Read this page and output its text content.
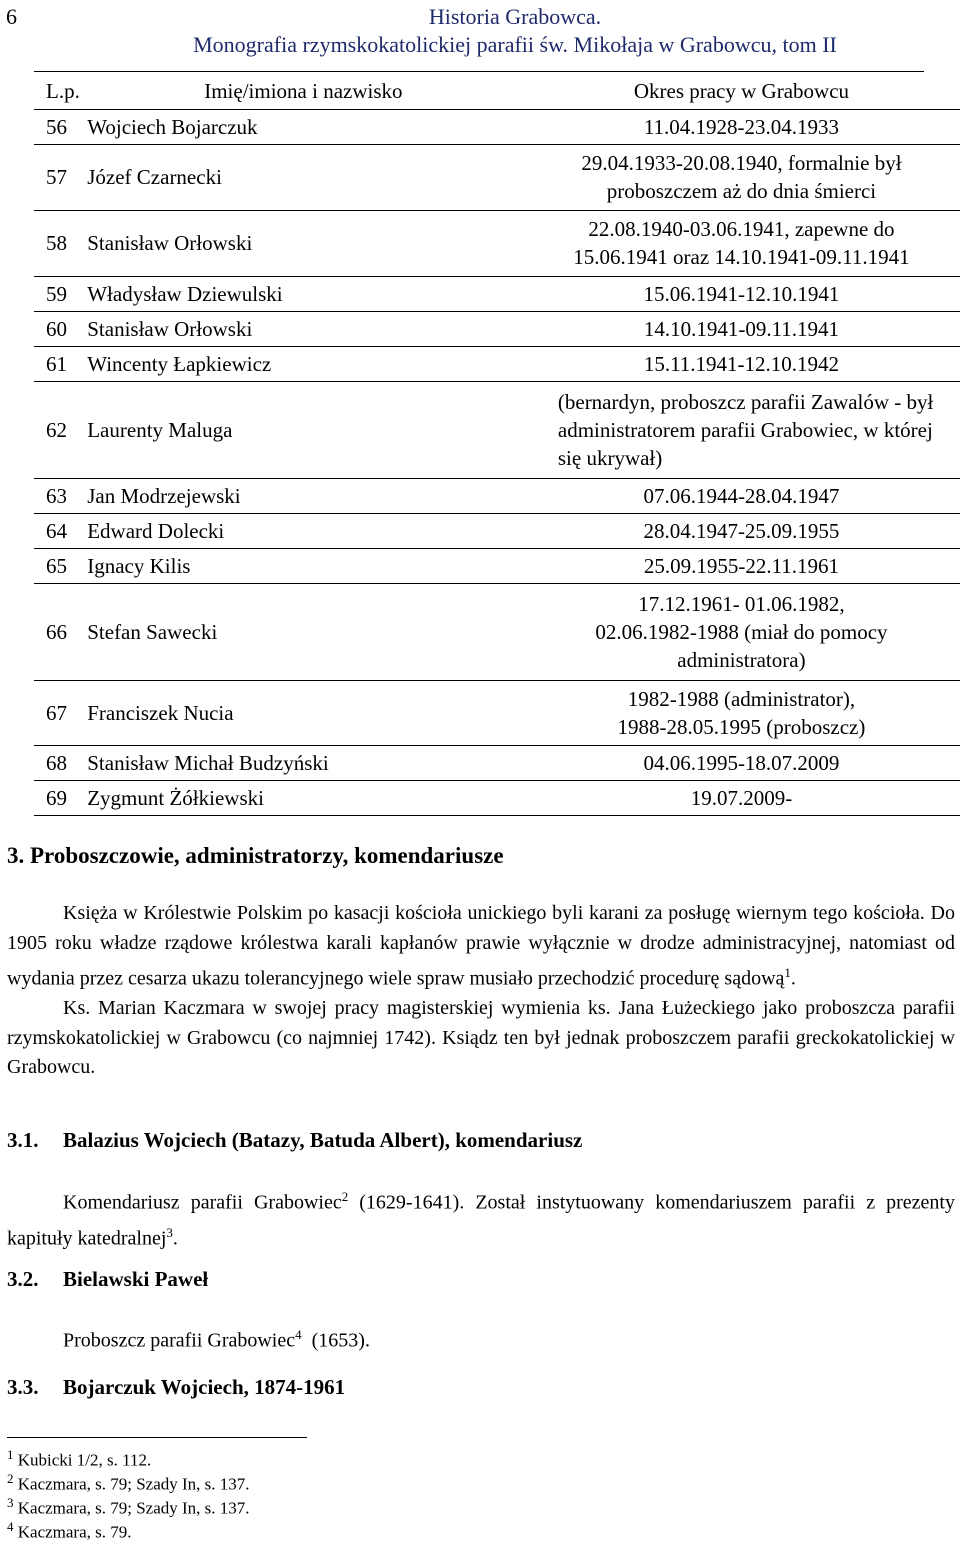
6	Historia Grabowca.
Monografia rzymskokatolickiej parafii św. Mikołaja w Grabowcu, tom II
L.p.	Imię/imiona i nazwisko	Okres pracy w Grabowcu
56	Wojciech Bojarczuk	11.04.1928-23.04.1933
57	Józef Czarnecki	29.04.1933-20.08.1940, formalnie był
proboszczem aż do dnia śmierci

58	Stanisław Orłowski	22.08.1940-03.06.1941, zapewne do
15.06.1941 oraz 14.10.1941-09.11.1941

59	Władysław Dziewulski	15.06.1941-12.10.1941
60	Stanisław Orłowski	14.10.1941-09.11.1941
61	Wincenty Łapkiewicz	15.11.1941-12.10.1942
62	Laurenty Maluga	(bernardyn, proboszcz parafii Zawalów - był
administratorem parafii Grabowiec, w której
się ukrywał)

63	Jan Modrzejewski	07.06.1944-28.04.1947
64	Edward Dolecki	28.04.1947-25.09.1955
65	Ignacy Kilis	25.09.1955-22.11.1961
66	Stefan Sawecki	17.12.1961- 01.06.1982,
02.06.1982-1988 (miał do pomocy
administratora)

67	Franciszek Nucia	1982-1988 (administrator),
1988-28.05.1995 (proboszcz)

68	Stanisław Michał Budzyński	04.06.1995-18.07.2009
69	Zygmunt Żółkiewski	19.07.2009-
3. Proboszczowie, administratorzy, komendariusze

Księża w Królestwie Polskim po kasacji kościoła unickiego byli karani za posługę wiernym tego kościoła. Do 1905 roku władze rządowe królestwa karali kapłanów prawie wyłącznie w drodze administracyjnej, natomiast od wydania przez cesarza ukazu tolerancyjnego wiele spraw musiało przechodzić procedurę sądową$^1$.

Ks. Marian Kaczmara w swojej pracy magisterskiej wymienia ks. Jana Łużeckiego jako proboszcza parafii rzymskokatolickiej w Grabowcu (co najmniej 1742). Ksiądz ten był jednak proboszczem parafii greckokatolickiej w Grabowcu.

3.1. Balazius Wojciech (Batazy, Batuda Albert), komendariusz

Komendariusz parafii Grabowiec$^2$ (1629-1641). Został instytuowany komendariuszem parafii z prezenty kapituły katedralnej$^3$.

3.2. Bielawski Paweł

Proboszcz parafii Grabowiec$^4$  (1653).

3.3. Bojarczuk Wojciech, 1874-1961
$^1$ Kubicki 1/2, s. 112.
$^2$ Kaczmara, s. 79; Szady In, s. 137.
$^3$ Kaczmara, s. 79; Szady In, s. 137.
$^4$ Kaczmara, s. 79.
